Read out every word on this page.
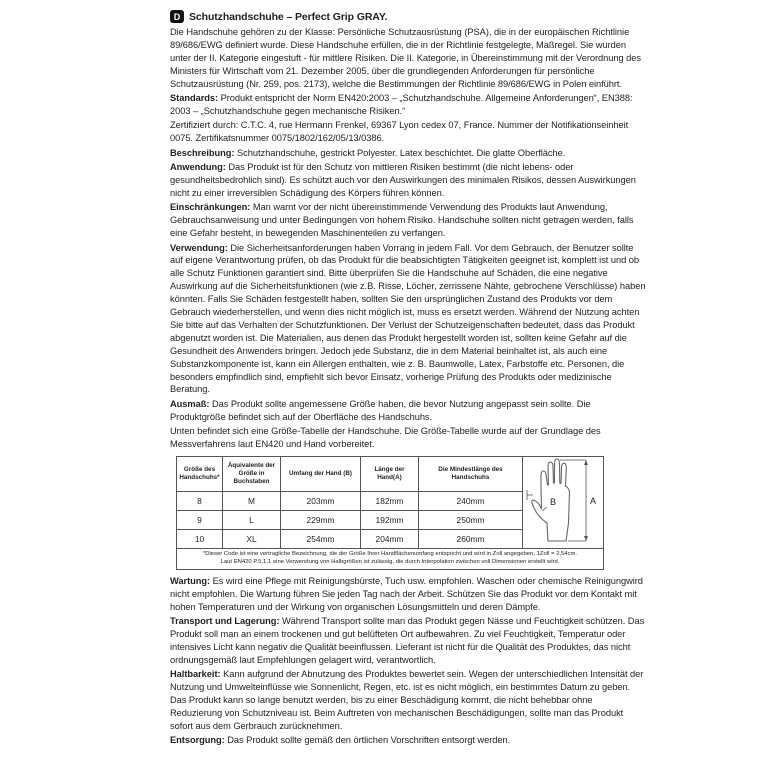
D Schutzhandschuhe – Perfect Grip GRAY.

Die Handschuhe gehören zu der Klasse: Persönliche Schutzausrüstung (PSA), die in der europäischen Richtlinie 89/686/EWG definiert wurde. Diese Handschuhe erfüllen, die in der Richtlinie festgelegte, Maßregel. Sie wurden unter der II. Kategorie eingestuft - für mittlere Risiken. Die II. Kategorie, in Übereinstimmung mit der Verordnung des Ministers für Wirtschaft vom 21. Dezember 2005, über die grundlegenden Anforderungen für persönliche Schutzausrüstung (Nr. 259, pos. 2173), welche die Bestimmungen der Richtlinie 89/686/EWG in Polen einführt.

Standards: Produkt entspricht der Norm EN420:2003 – „Schutzhandschuhe. Allgemeine Anforderungen“, EN388: 2003 – „Schutzhandschuhe gegen mechanische Risiken.“

Zertifiziert durch: C.T.C. 4, rue Hermann Frenkel, 69367 Lyon cedex 07, France. Nummer der Notifikationseinheit 0075. Zertifikatsnummer 0075/1802/162/05/13/0386.

Beschreibung: Schutzhandschuhe, gestrickt Polyester. Latex beschichtet. Die glatte Oberfläche.

Anwendung: Das Produkt ist für den Schutz von mittleren Risiken bestimmt (die nicht lebens- oder gesundheitsbedrohlich sind). Es schützt auch vor den Auswirkungen des minimalen Risikos, dessen Auswirkungen nicht zu einer irreversiblen Schädigung des Körpers führen können.

Einschränkungen: Man warnt vor der nicht übereinstimmende Verwendung des Produkts laut Anwendung, Gebrauchsanweisung und unter Bedingungen von hohem Risiko. Handschuhe sollten nicht getragen werden, falls eine Gefahr besteht, in bewegenden Maschinenteilen zu verfangen.

Verwendung: Die Sicherheitsanforderungen haben Vorrang in jedem Fall. Vor dem Gebrauch, der Benutzer sollte auf eigene Verantwortung prüfen, ob das Produkt für die beabsichtigten Tätigkeiten geeignet ist, komplett ist und ob alle Schutz Funktionen garantiert sind. Bitte überprüfen Sie die Handschuhe auf Schäden, die eine negative Auswirkung auf die Sicherheitsfunktionen (wie z.B. Risse, Löcher, zerrissene Nähte, gebrochene Verschlüsse) haben könnten. Falls Sie Schäden festgestellt haben, sollten Sie den ursprünglichen Zustand des Produkts vor dem Gebrauch wiederherstellen, und wenn dies nicht möglich ist, muss es ersetzt werden. Während der Nutzung achten Sie bitte auf das Verhalten der Schutzfunktionen. Der Verlust der Schutzeigenschaften bedeutet, dass das Produkt abgenutzt worden ist. Die Materialien, aus denen das Produkt hergestellt worden ist, sollten keine Gefahr auf die Gesundheit des Anwenders bringen. Jedoch jede Substanz, die in dem Material beinhaltet ist, als auch eine Substanzkomponente ist, kann ein Allergen enthalten, wie z. B. Baumwolle, Latex, Farbstoffe etc. Personen, die besonders empfindlich sind, empfiehlt sich bevor Einsatz, vorherige Prüfung des Produkts oder medizinische Beratung.

Ausmaß: Das Produkt sollte angemessene Größe haben, die bevor Nutzung angepasst sein sollte. Die Produktgröße befindet sich auf der Oberfläche des Handschuhs.

Unten befindet sich eine Größe-Tabelle der Handschuhe. Die Größe-Tabelle wurde auf der Grundlage des Messverfahrens laut EN420 und Hand vorbereitet.

Größe des Handschuhs*	Äquivalente der Größe in Buchstaben	Umfang der Hand (B)	Länge der Hand(A)	Die Mindestlänge des Handschuhs	A
B

8	M	203mm	182mm	240mm	
9	L	229mm	192mm	250mm	
10	XL	254mm	204mm	260mm	

*Dieser Code ist eine vertragliche Bezeichnung, die der Größe Ihrer Handflächenumfang entspricht und wird in Zoll angegeben, 1Zoll = 2,54cm.
Laut EN420 P.5.1.1 eine Verwendung von Halbgrößen ist zulässig, die durch Interpolation zwischen voll Dimensionen erstellt wird.					

Wartung: Es wird eine Pflege mit Reinigungsbürste, Tuch usw. empfohlen. Waschen oder chemische Reinigungwird nicht empfohlen. Die Wartung führen Sie jeden Tag nach der Arbeit. Schützen Sie das Produkt vor dem Kontakt mit hohen Temperaturen und der Wirkung von organischen Lösungsmitteln und deren Dämpfe.

Transport und Lagerung: Während Transport sollte man das Produkt gegen Nässe und Feuchtigkeit schützen. Das Produkt soll man an einem trockenen und gut belüfteten Ort aufbewahren. Zu viel Feuchtigkeit, Temperatur oder intensives Licht kann negativ die Qualität beeinflussen. Lieferant ist nicht für die Qualität des Produktes, das nicht ordnungsgemäß laut Empfehlungen gelagert wird, verantwortlich.

Haltbarkeit: Kann aufgrund der Abnutzung des Produktes bewertet sein. Wegen der unterschiedlichen Intensität der Nutzung und Umwelteinflüsse wie Sonnenlicht, Regen, etc. ist es nicht möglich, ein bestimmtes Datum zu geben. Das Produkt kann so lange benutzt werden, bis zu einer Beschädigung kommt, die nicht behebbar ohne Reduzierung von Schutzniveau ist. Beim Auftreten von mechanischen Beschädigungen, sollte man das Produkt sofort aus dem Gerbrauch zurücknehmen.

Entsorgung: Das Produkt sollte gemäß den örtlichen Vorschriften entsorgt werden.
